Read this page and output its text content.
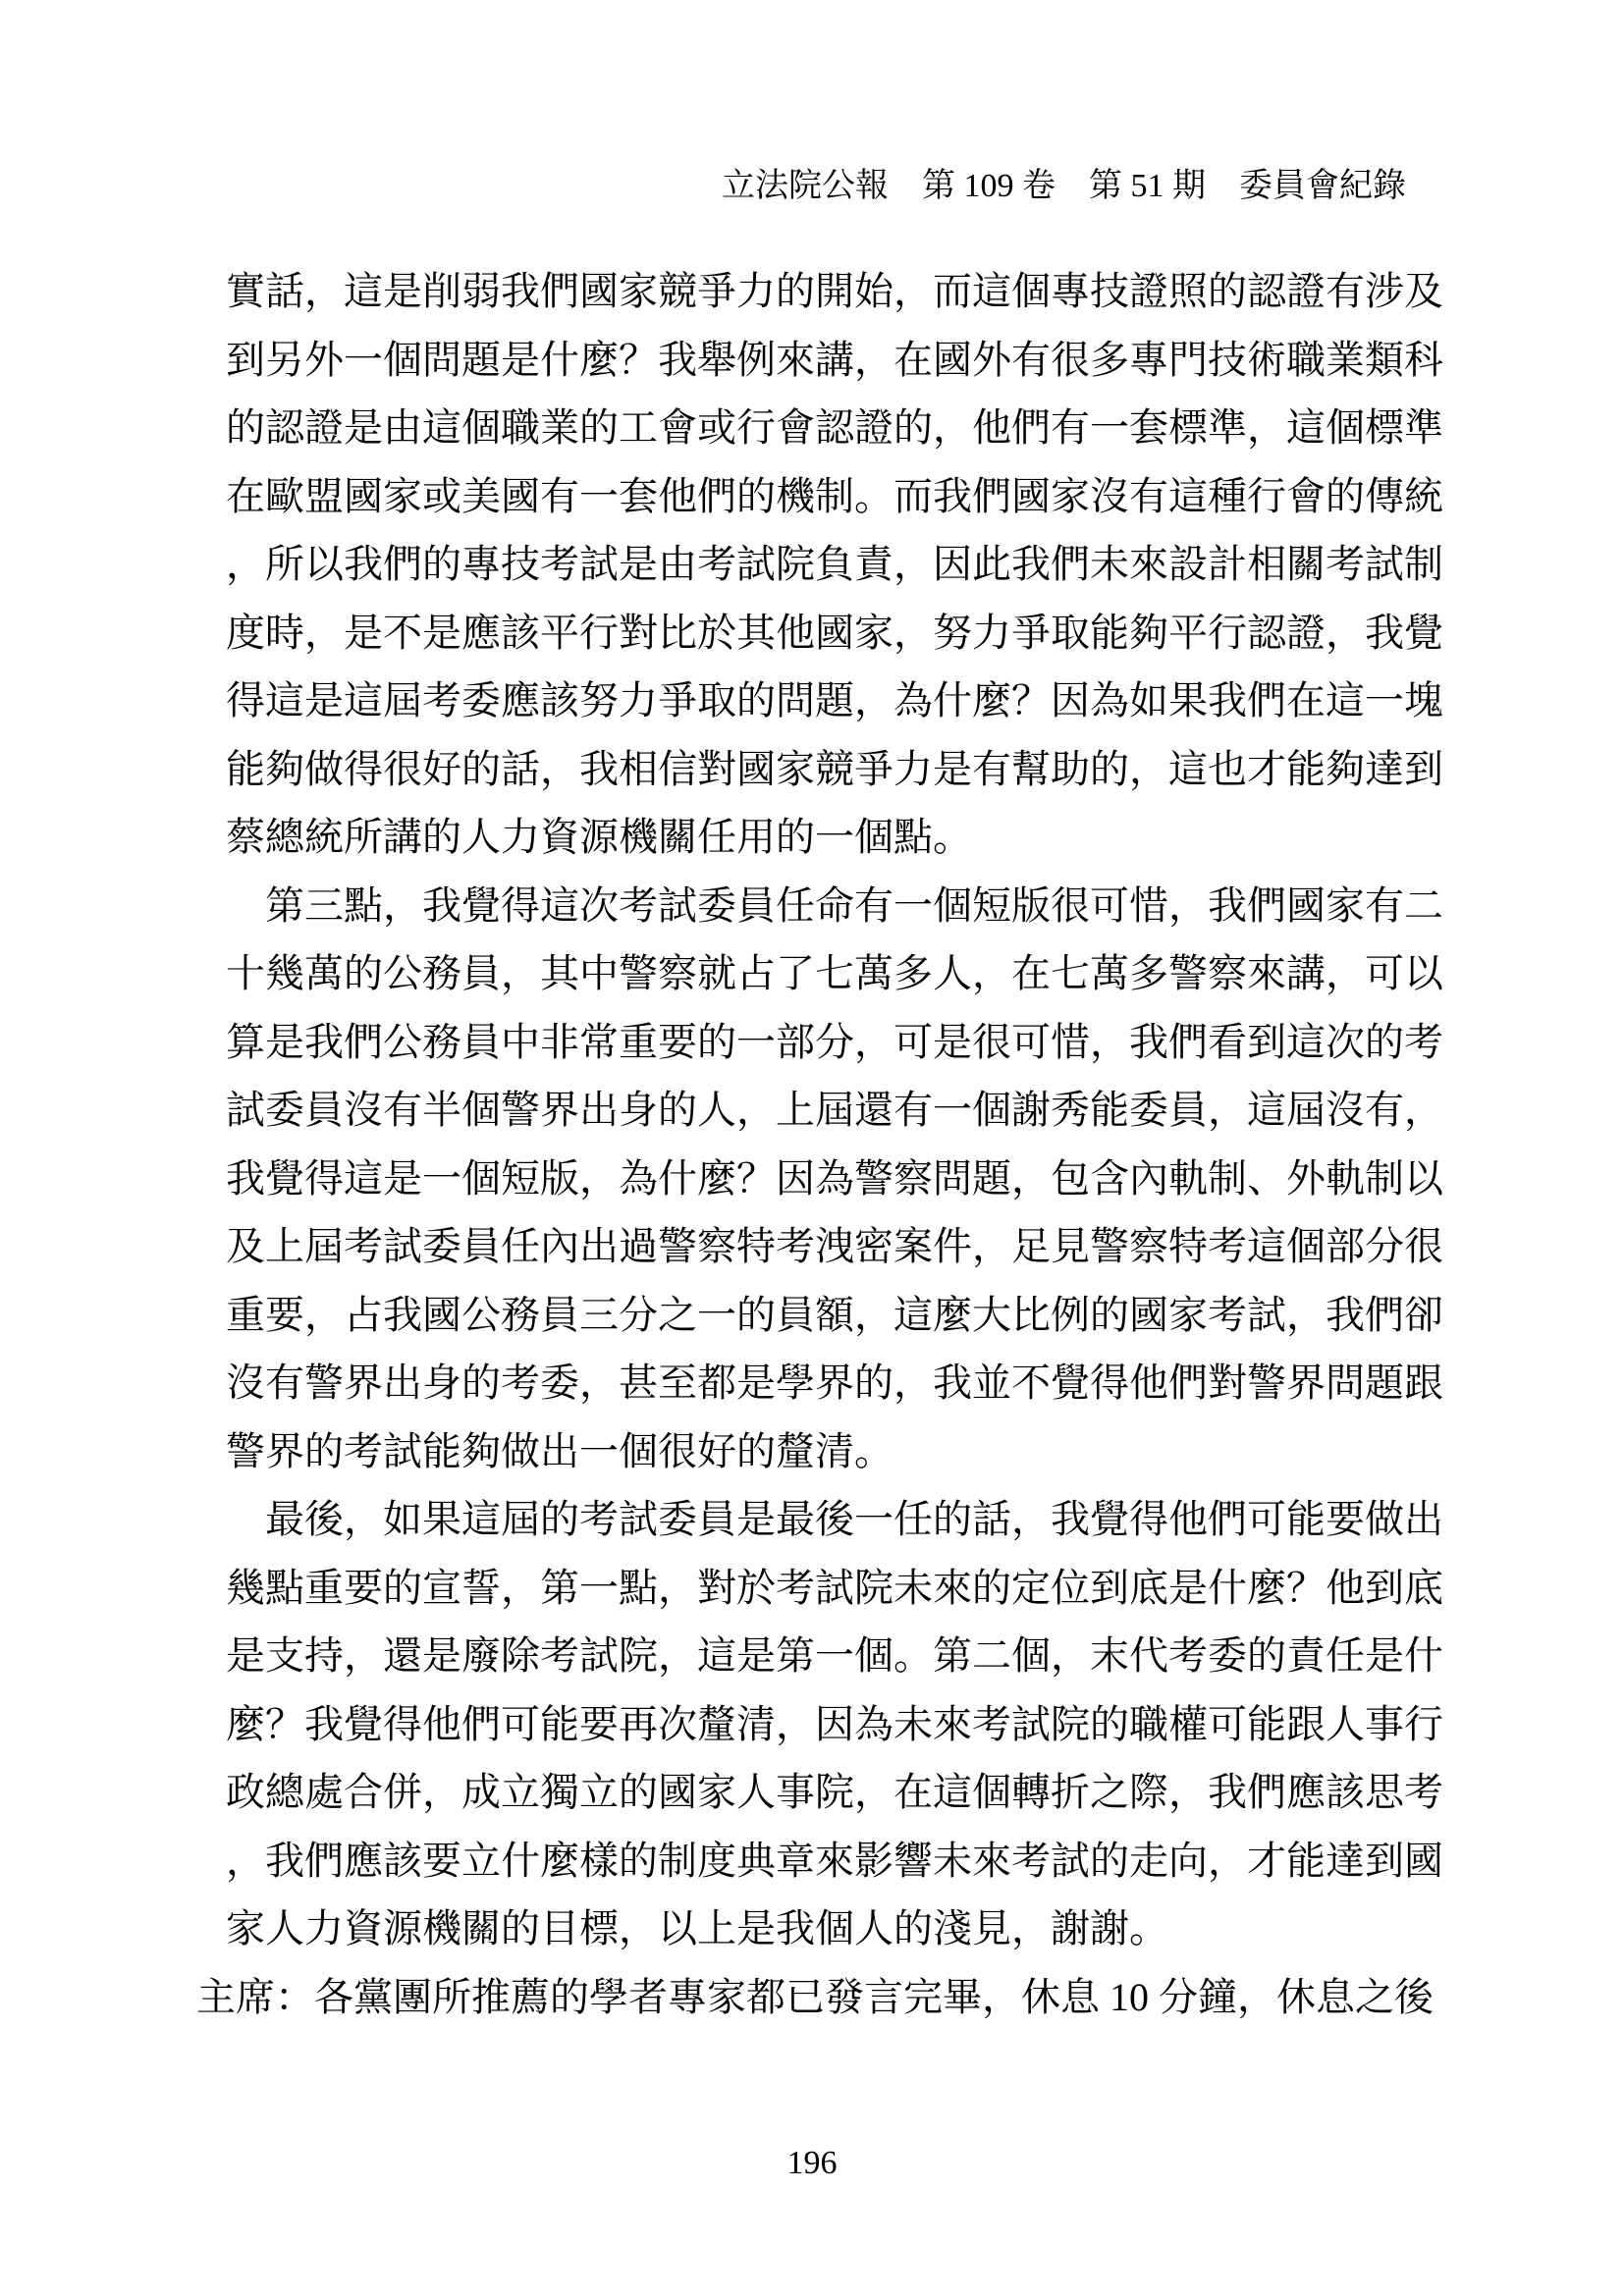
立法院公報　第 109 卷　第 51 期　委員會紀錄
實話，這是削弱我們國家競爭力的開始，而這個專技證照的認證有涉及
到另外一個問題是什麼？我舉例來講，在國外有很多專門技術職業類科
的認證是由這個職業的工會或行會認證的，他們有一套標準，這個標準
在歐盟國家或美國有一套他們的機制。而我們國家沒有這種行會的傳統
，所以我們的專技考試是由考試院負責，因此我們未來設計相關考試制
度時，是不是應該平行對比於其他國家，努力爭取能夠平行認證，我覺
得這是這屆考委應該努力爭取的問題，為什麼？因為如果我們在這一塊
能夠做得很好的話，我相信對國家競爭力是有幫助的，這也才能夠達到
蔡總統所講的人力資源機關任用的一個點。
第三點，我覺得這次考試委員任命有一個短版很可惜，我們國家有二
十幾萬的公務員，其中警察就占了七萬多人，在七萬多警察來講，可以
算是我們公務員中非常重要的一部分，可是很可惜，我們看到這次的考
試委員沒有半個警界出身的人，上屆還有一個謝秀能委員，這屆沒有，
我覺得這是一個短版，為什麼？因為警察問題，包含內軌制、外軌制以
及上屆考試委員任內出過警察特考洩密案件，足見警察特考這個部分很
重要，占我國公務員三分之一的員額，這麼大比例的國家考試，我們卻
沒有警界出身的考委，甚至都是學界的，我並不覺得他們對警界問題跟
警界的考試能夠做出一個很好的釐清。
最後，如果這屆的考試委員是最後一任的話，我覺得他們可能要做出
幾點重要的宣誓，第一點，對於考試院未來的定位到底是什麼？他到底
是支持，還是廢除考試院，這是第一個。第二個，末代考委的責任是什
麼？我覺得他們可能要再次釐清，因為未來考試院的職權可能跟人事行
政總處合併，成立獨立的國家人事院，在這個轉折之際，我們應該思考
，我們應該要立什麼樣的制度典章來影響未來考試的走向，才能達到國
家人力資源機關的目標，以上是我個人的淺見，謝謝。
主席：各黨團所推薦的學者專家都已發言完畢，休息 10 分鐘，休息之後
196
